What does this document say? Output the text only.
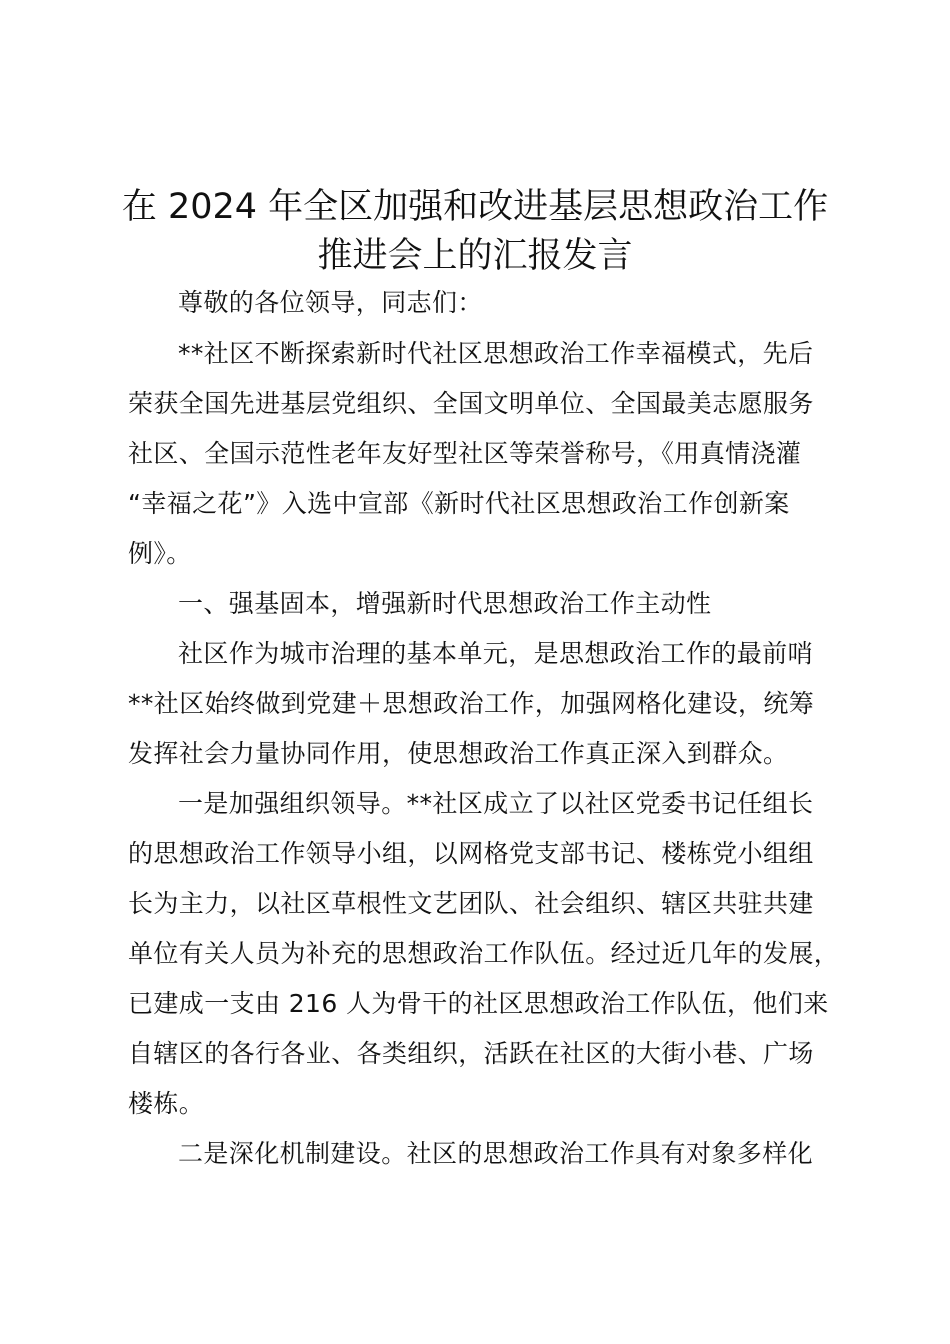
在 2024 年全区加强和改进基层思想政治工作
推进会上的汇报发言
尊敬的各位领导，同志们：
**社区不断探索新时代社区思想政治工作幸福模式，先后
荣获全国先进基层党组织、全国文明单位、全国最美志愿服务
社区、全国示范性老年友好型社区等荣誉称号，《用真情浇灌
“幸福之花”》入选中宣部《新时代社区思想政治工作创新案
例》。
一、强基固本，增强新时代思想政治工作主动性
社区作为城市治理的基本单元，是思想政治工作的最前哨
**社区始终做到党建＋思想政治工作，加强网格化建设，统筹
发挥社会力量协同作用，使思想政治工作真正深入到群众。
一是加强组织领导。**社区成立了以社区党委书记任组长
的思想政治工作领导小组，以网格党支部书记、楼栋党小组组
长为主力，以社区草根性文艺团队、社会组织、辖区共驻共建
单位有关人员为补充的思想政治工作队伍。经过近几年的发展，
已建成一支由 216 人为骨干的社区思想政治工作队伍，他们来
自辖区的各行各业、各类组织，活跃在社区的大街小巷、广场
楼栋。
二是深化机制建设。社区的思想政治工作具有对象多样化
